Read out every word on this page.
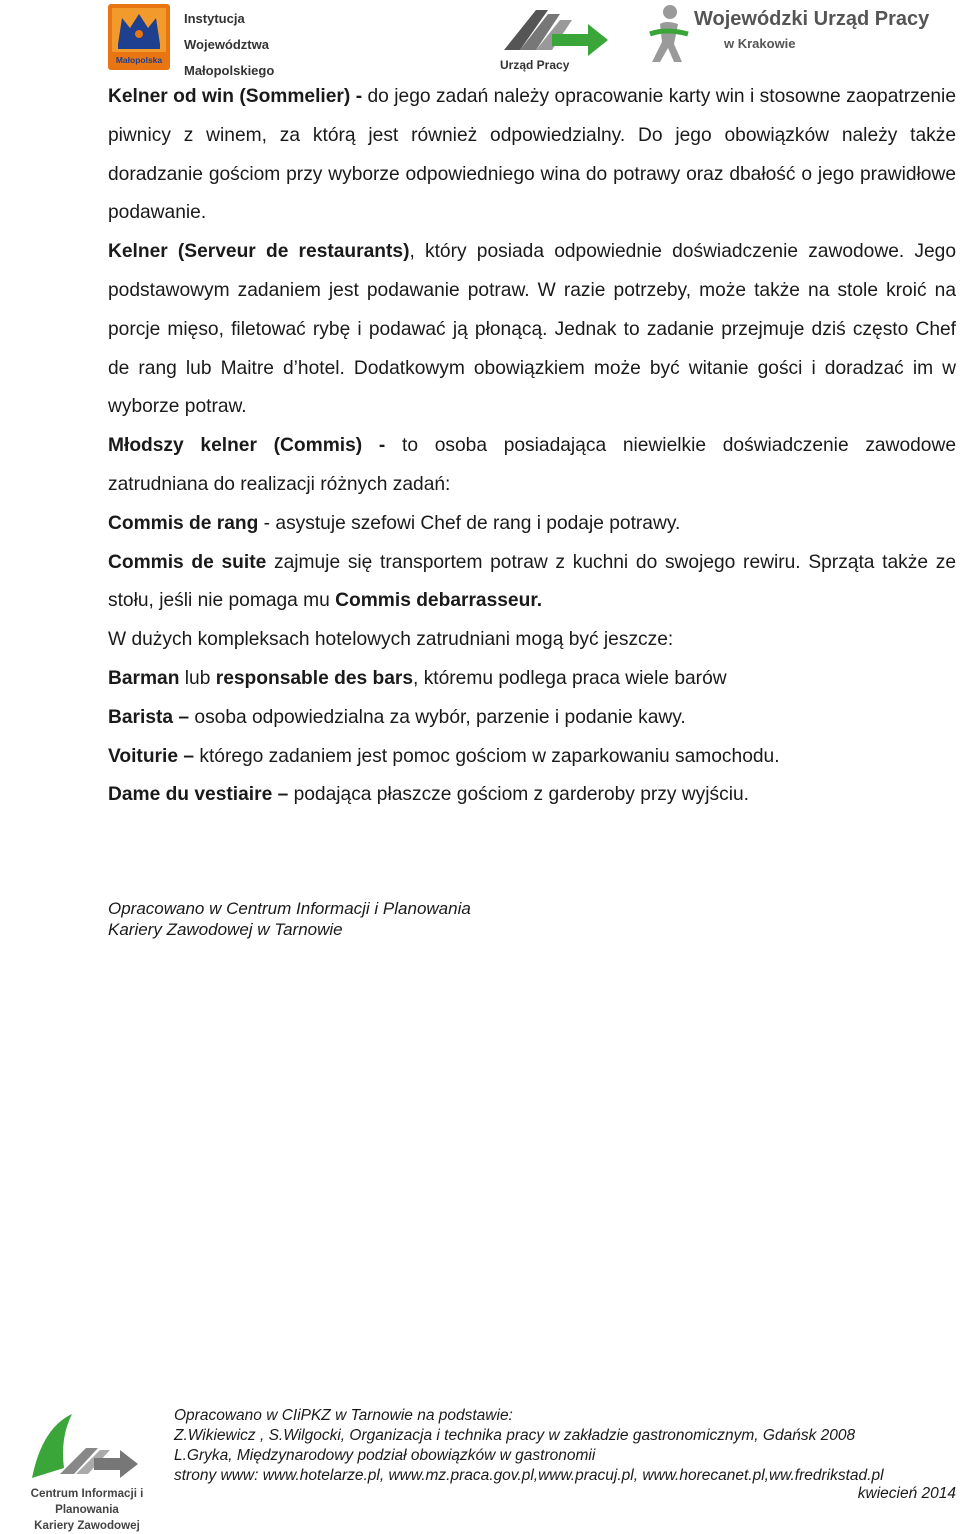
Małopolska
Instytucja
Województwa
Małopolskiego	Urząd Pracy
Wojewódzki Urząd Pracy
w Krakowie

Kelner od win (Sommelier) - do jego zadań należy opracowanie karty win i stosowne zaopatrzenie piwnicy z winem, za którą jest również odpowiedzialny. Do jego obowiązków należy także doradzanie gościom przy wyborze odpowiedniego wina do potrawy oraz dbałość o jego prawidłowe podawanie.

Kelner (Serveur de restaurants), który posiada odpowiednie doświadczenie zawodowe. Jego podstawowym zadaniem jest podawanie potraw. W razie potrzeby, może także na stole kroić na porcje mięso, filetować rybę i podawać ją płonącą. Jednak to zadanie przejmuje dziś często Chef de rang lub Maitre d’hotel. Dodatkowym obowiązkiem może być witanie gości i doradzać im w wyborze potraw.

Młodszy kelner (Commis) - to osoba posiadająca niewielkie doświadczenie zawodowe zatrudniana do realizacji różnych zadań:

Commis de rang - asystuje szefowi Chef de rang i podaje potrawy.

Commis de suite zajmuje się transportem potraw z kuchni do swojego rewiru. Sprząta także ze stołu, jeśli nie pomaga mu Commis debarrasseur.

W dużych kompleksach hotelowych zatrudniani mogą być jeszcze:

Barman lub responsable des bars, któremu podlega praca wiele barów

Barista – osoba odpowiedzialna za wybór, parzenie i podanie kawy.

Voiturie – którego zadaniem jest pomoc gościom w zaparkowaniu samochodu.

Dame du vestiaire – podająca płaszcze gościom z garderoby przy wyjściu.

Opracowano w Centrum Informacji i Planowania
Kariery Zawodowej w Tarnowie
Centrum Informacji i Planowania
Kariery Zawodowej
Opracowano w CIiPKZ w Tarnowie na podstawie:
Z.Wikiewicz , S.Wilgocki, Organizacja i technika pracy w zakładzie gastronomicznym, Gdańsk 2008
L.Gryka, Międzynarodowy podział obowiązków w gastronomii
strony www: www.hotelarze.pl, www.mz.praca.gov.pl,www.pracuj.pl, www.horecanet.pl,ww.fredrikstad.pl
kwiecień 2014
